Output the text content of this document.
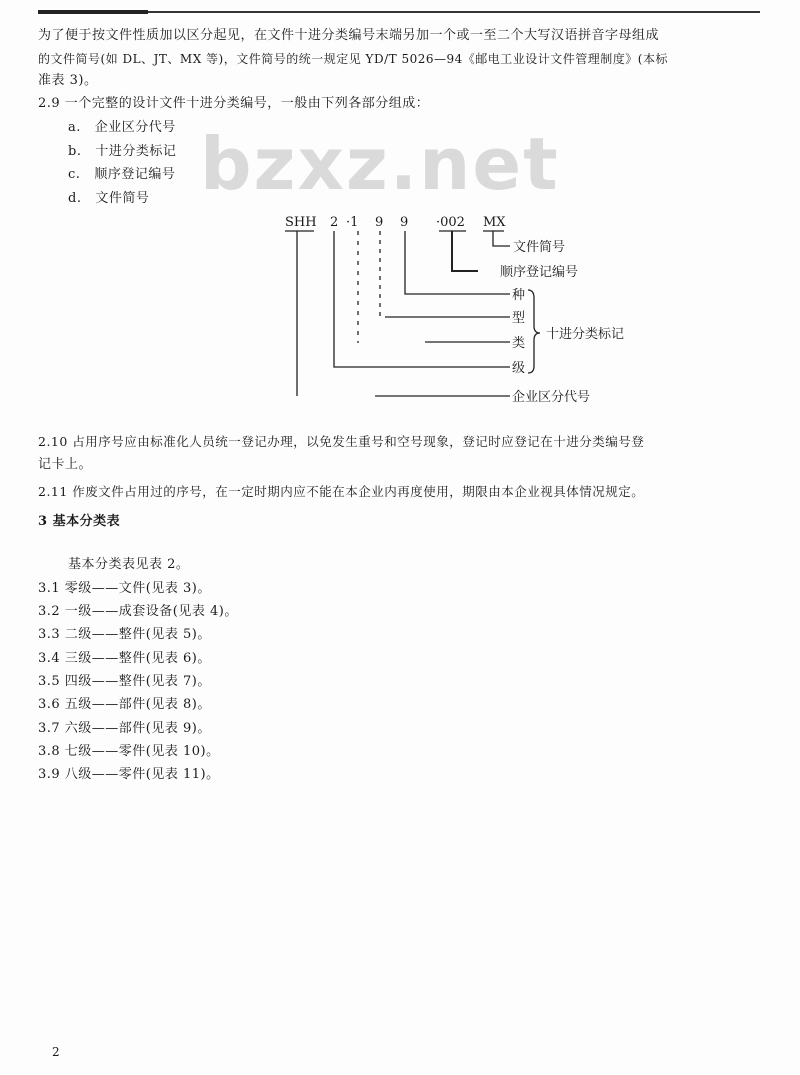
为了便于按文件性质加以区分起见，在文件十进分类编号末端另加一个或一至二个大写汉语拼音字母组成
的文件简号(如 DL、JT、MX 等)，文件简号的统一规定见 YD/T 5026—94《邮电工业设计文件管理制度》(本标
准表 3)。
2.9 一个完整的设计文件十进分类编号，一般由下列各部分组成：
a. 企业区分代号
b. 十进分类标记
c. 顺序登记编号
d. 文件简号 bzxz.net
SHH 2 ·1 9 9 ·002 MX
文件简号
顺序登记编号
种
型
类
级
十进分类标记
企业区分代号
2.10 占用序号应由标准化人员统一登记办理，以免发生重号和空号现象，登记时应登记在十进分类编号登
记卡上。
2.11 作废文件占用过的序号，在一定时期内应不能在本企业内再度使用，期限由本企业视具体情况规定。
3 基本分类表
基本分类表见表 2。
3.1 零级——文件(见表 3)。
3.2 一级——成套设备(见表 4)。
3.3 二级——整件(见表 5)。
3.4 三级——整件(见表 6)。
3.5 四级——整件(见表 7)。
3.6 五级——部件(见表 8)。
3.7 六级——部件(见表 9)。
3.8 七级——零件(见表 10)。
3.9 八级——零件(见表 11)。
2
